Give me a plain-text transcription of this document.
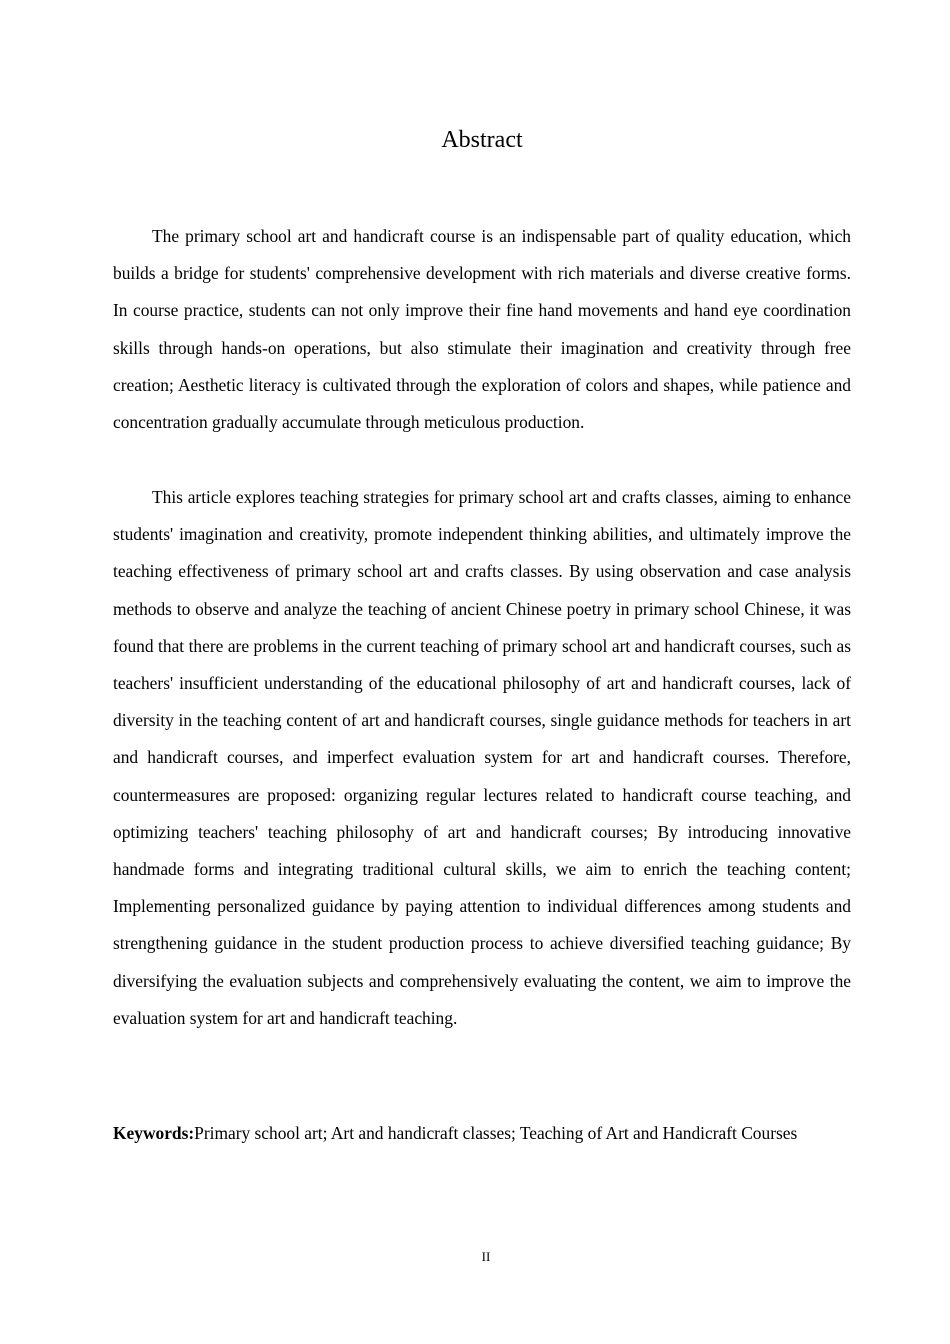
Abstract

The primary school art and handicraft course is an indispensable part of quality education, which builds a bridge for students' comprehensive development with rich materials and diverse creative forms. In course practice, students can not only improve their fine hand movements and hand eye coordination skills through hands-on operations, but also stimulate their imagination and creativity through free creation; Aesthetic literacy is cultivated through the exploration of colors and shapes, while patience and concentration gradually accumulate through meticulous production.

This article explores teaching strategies for primary school art and crafts classes, aiming to enhance students' imagination and creativity, promote independent thinking abilities, and ultimately improve the teaching effectiveness of primary school art and crafts classes. By using observation and case analysis methods to observe and analyze the teaching of ancient Chinese poetry in primary school Chinese, it was found that there are problems in the current teaching of primary school art and handicraft courses, such as teachers' insufficient understanding of the educational philosophy of art and handicraft courses, lack of diversity in the teaching content of art and handicraft courses, single guidance methods for teachers in art and handicraft courses, and imperfect evaluation system for art and handicraft courses. Therefore, countermeasures are proposed: organizing regular lectures related to handicraft course teaching, and optimizing teachers' teaching philosophy of art and handicraft courses; By introducing innovative handmade forms and integrating traditional cultural skills, we aim to enrich the teaching content; Implementing personalized guidance by paying attention to individual differences among students and strengthening guidance in the student production process to achieve diversified teaching guidance; By diversifying the evaluation subjects and comprehensively evaluating the content, we aim to improve the evaluation system for art and handicraft teaching.

Keywords:Primary school art; Art and handicraft classes; Teaching of Art and Handicraft Courses
II
